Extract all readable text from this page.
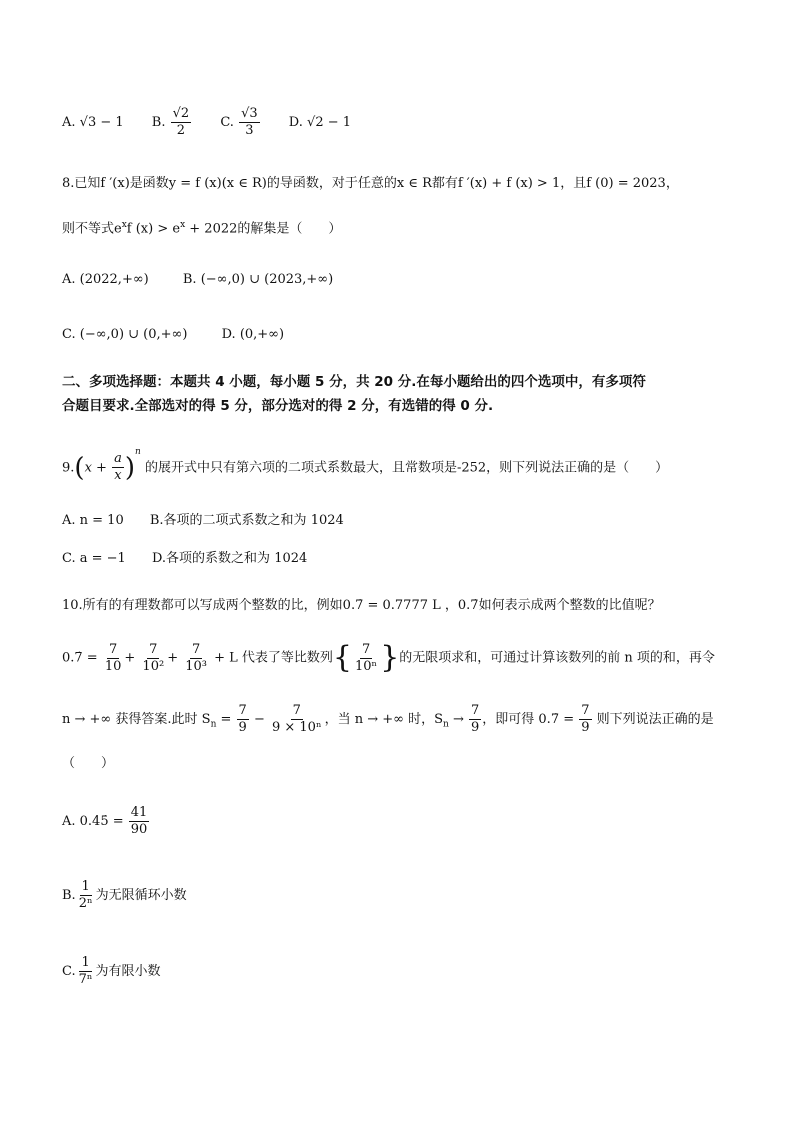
A. √3 − 1 B. $\frac{√2}{2} C$. $\frac{√3}{3} D$. √2 − 1
8.已知f ′(x)是函数y = f (x)(x ∈ R)的导函数，对于任意的x ∈ R都有f ′(x) + f (x) > 1，且f (0) = 2023，
则不等式$e^xf$ $(x) > e^x + 2022$的解集是（　　）
A. (2022,+∞)	B. (−∞,0) ∪ (2023,+∞)
C. (−∞,0) ∪ (0,+∞)	D. (0,+∞)
二、多项选择题：本题共 4 小题，每小题 5 分，共 20 分.在每小题给出的四个选项中，有多项符
合题目要求.全部选对的得 5 分，部分选对的得 2 分，有选错的得 0 分.
$9.(x + \frac{a}{x} )^n$ 的展开式中只有第六项的二项式系数最大，且常数项是-252，则下列说法正确的是（　　）
A. n = 10 B.各项的二项式系数之和为 1024
C. a = −1 D.各项的系数之和为 1024
10.所有的有理数都可以写成两个整数的比，例如0.7̇ = 0.7777 L ，0.7̇如何表示成两个整数的比值呢？
0.7̇ = $\frac{7}{10} + \frac{7}{\text{10²}} + \frac{7}{\text{10³}} + L$ 代表了等比数列{ $\frac{7}{\text{10ⁿ}}$ }的无限项求和，可通过计算该数列的前 n 项的和，再令
n → +∞ 获得答案.此时 $S_n = \frac{7}{9} - \frac{7}{\text{9 × 10ⁿ}}$ ，当 n → +∞ 时，$S_n \to \frac{7}{9}$ ，即可得 0.7̇ = $\frac{7}{9}$ 则下列说法正确的是
（　　）
A. 0.45̇ = $\frac{41}{90}$
B. $\frac{1}{\text{2ⁿ}}$ 为无限循环小数
C. $\frac{1}{\text{7ⁿ}}$ 为有限小数
